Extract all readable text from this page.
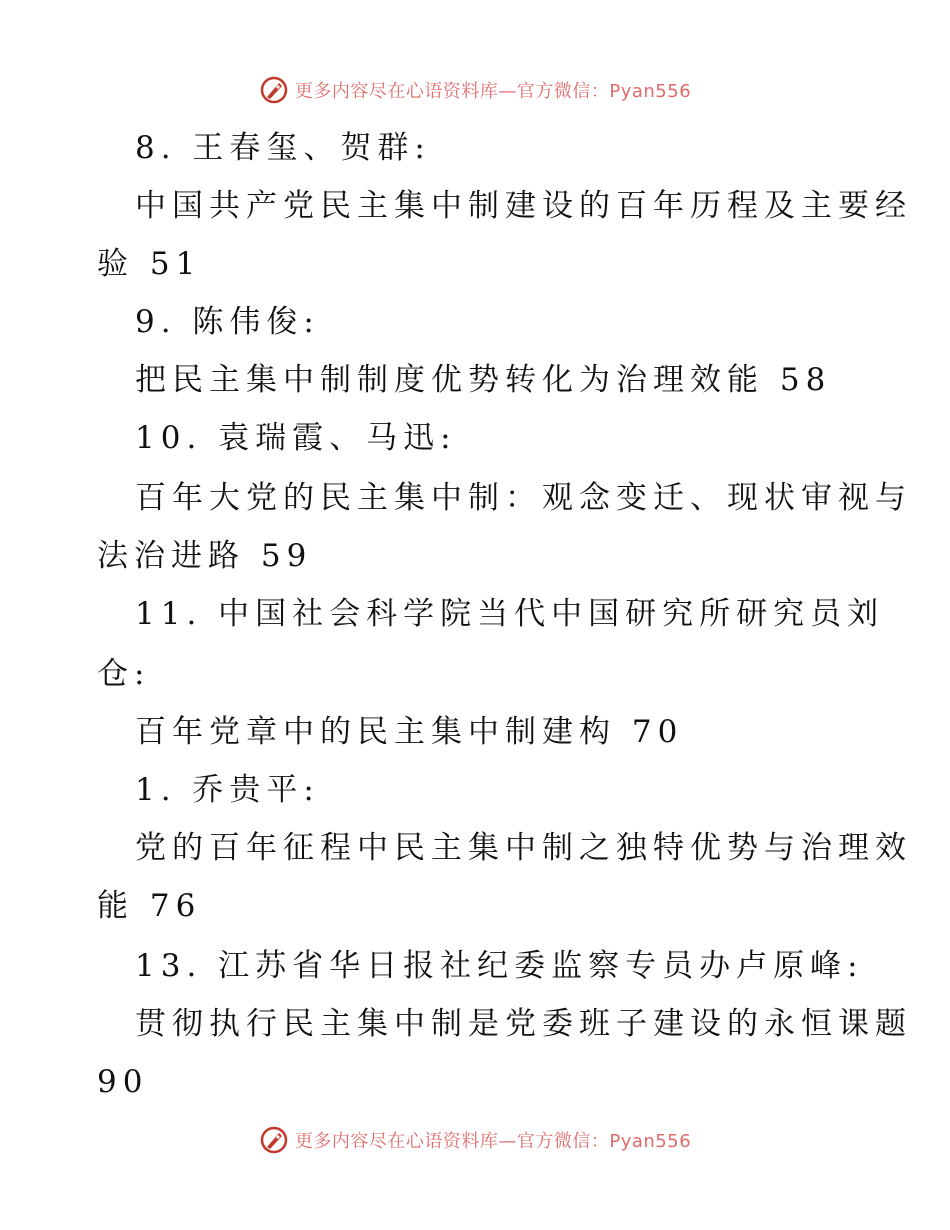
更多内容尽在心语资料库—官方微信：Pyan556
8. 王春玺、贺群:
中国共产党民主集中制建设的百年历程及主要经
验 51
9. 陈伟俊:
把民主集中制制度优势转化为治理效能 58
10. 袁瑞霞、马迅:
百年大党的民主集中制：观念变迁、现状审视与
法治进路 59
11. 中国社会科学院当代中国研究所研究员刘
仓:
百年党章中的民主集中制建构 70
1. 乔贵平:
党的百年征程中民主集中制之独特优势与治理效
能 76
13. 江苏省华日报社纪委监察专员办卢原峰:
贯彻执行民主集中制是党委班子建设的永恒课题
90
更多内容尽在心语资料库—官方微信：Pyan556
